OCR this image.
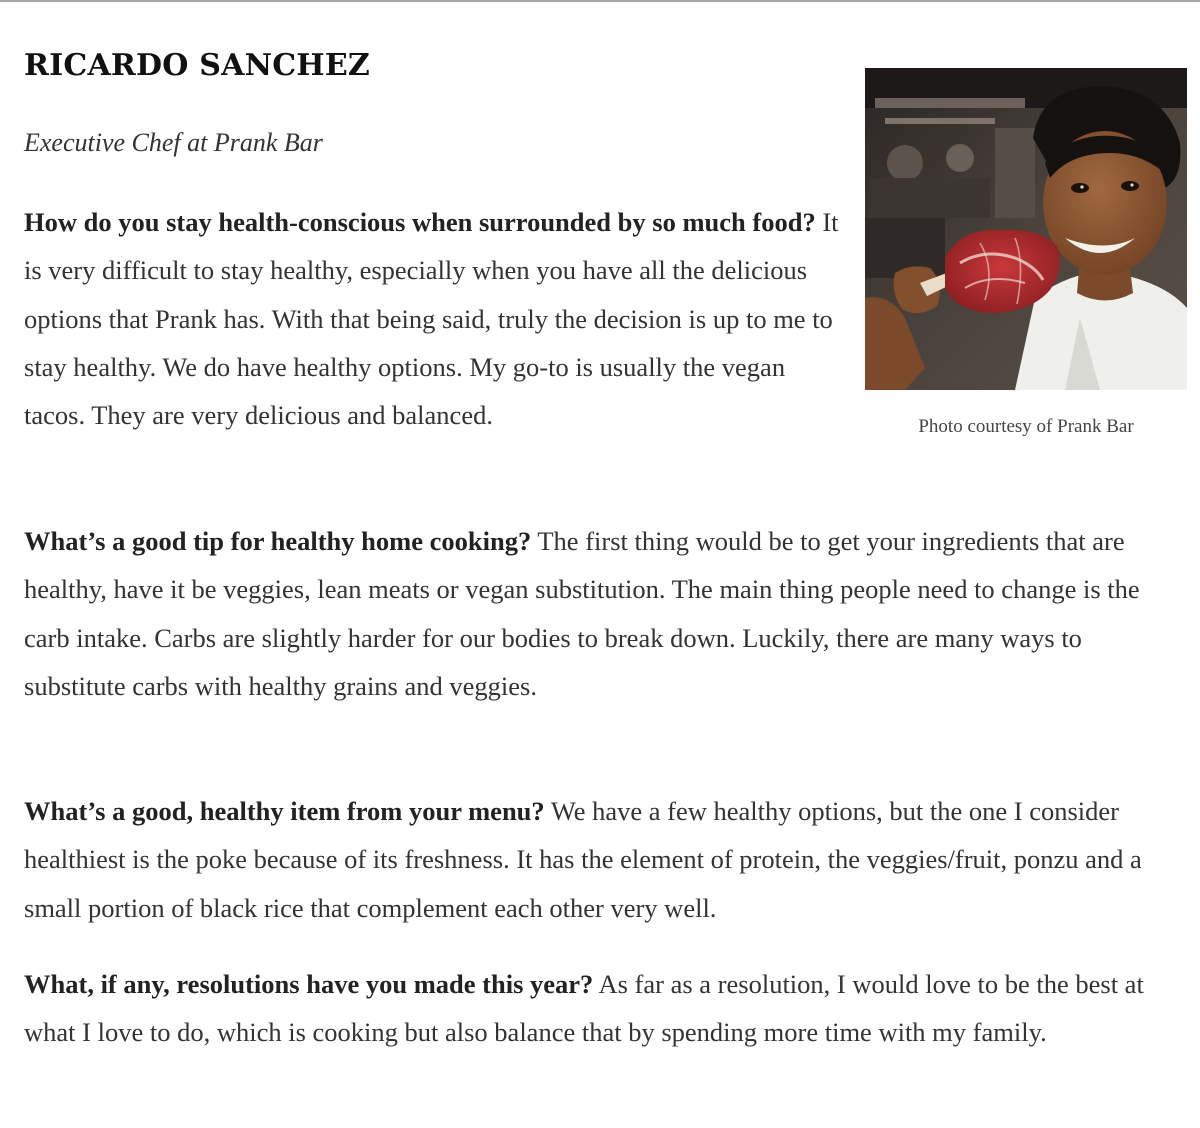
RICARDO SANCHEZ

Executive Chef at Prank Bar

Photo courtesy of Prank Bar

How do you stay health-conscious when surrounded by so much food? It is very difficult to stay healthy, especially when you have all the delicious options that Prank has. With that being said, truly the decision is up to me to stay healthy. We do have healthy options. My go-to is usually the vegan tacos. They are very delicious and balanced.

What’s a good tip for healthy home cooking? The first thing would be to get your ingredients that are healthy, have it be veggies, lean meats or vegan substitution. The main thing people need to change is the carb intake. Carbs are slightly harder for our bodies to break down. Luckily, there are many ways to substitute carbs with healthy grains and veggies.

What’s a good, healthy item from your menu? We have a few healthy options, but the one I consider healthiest is the poke because of its freshness. It has the element of protein, the veggies/fruit, ponzu and a small portion of black rice that complement each other very well.

What, if any, resolutions have you made this year? As far as a resolution, I would love to be the best at what I love to do, which is cooking but also balance that by spending more time with my family.
